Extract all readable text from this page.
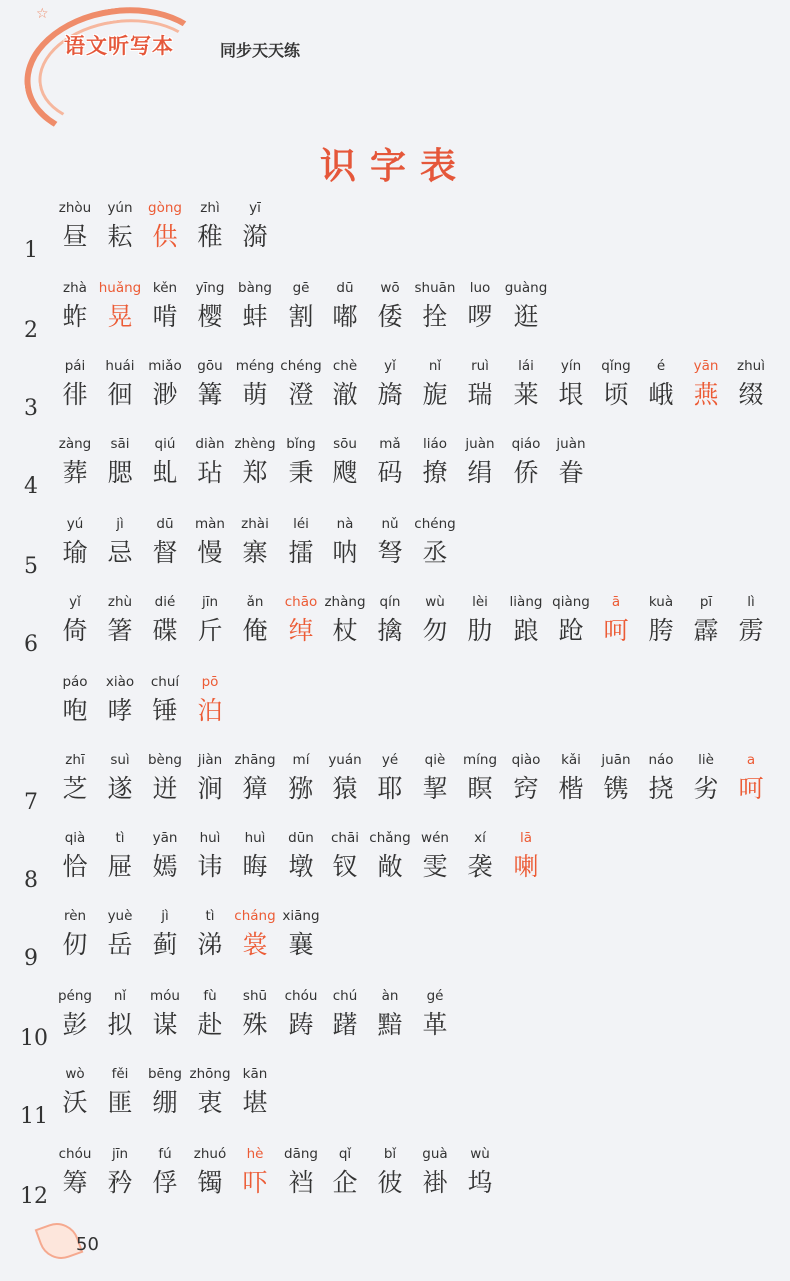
☆
语文听写本	同步天天练
识字表
1
zhòu
昼
yún
耘
gòng
供
zhì
稚
yī
漪
2
zhà
蚱
huǎng
晃
kěn
啃
yīng
樱
bàng
蚌
gē
割
dū
嘟
wō
倭
shuān
拴
luo
啰
guàng
逛
3
pái
徘
huái
徊
miǎo
渺
gōu
篝
méng
萌
chéng
澄
chè
澈
yǐ
旖
nǐ
旎
ruì
瑞
lái
莱
yín
垠
qǐng
顷
é
峨
yān
燕
zhuì
缀
4
zàng
葬
sāi
腮
qiú
虬
diàn
玷
zhèng
郑
bǐng
秉
sōu
飕
mǎ
码
liáo
撩
juàn
绢
qiáo
侨
juàn
眷
5
yú
瑜
jì
忌
dū
督
màn
慢
zhài
寨
léi
擂
nà
呐
nǔ
弩
chéng
丞
6
yǐ
倚
zhù
箸
dié
碟
jīn
斤
ǎn
俺
chāo
绰
zhàng
杖
qín
擒
wù
勿
lèi
肋
liàng
踉
qiàng
跄
ā
呵
kuà
胯
pī
霹
lì
雳
páo
咆
xiào
哮
chuí
锤
pō
泊
7
zhī
芝
suì
遂
bèng
迸
jiàn
涧
zhāng
獐
mí
猕
yuán
猿
yé
耶
qiè
挈
míng
瞑
qiào
窍
kǎi
楷
juān
镌
náo
挠
liè
劣
a
呵
8
qià
恰
tì
屉
yān
嫣
huì
讳
huì
晦
dūn
墩
chāi
钗
chǎng
敞
wén
雯
xí
袭
lā
喇
9
rèn
仞
yuè
岳
jì
蓟
tì
涕
cháng
裳
xiāng
襄
10
péng
彭
nǐ
拟
móu
谋
fù
赴
shū
殊
chóu
踌
chú
躇
àn
黯
gé
革
11
wò
沃
fěi
匪
bēng
绷
zhōng
衷
kān
堪
12
chóu
筹
jīn
矜
fú
俘
zhuó
镯
hè
吓
dāng
裆
qǐ
企
bǐ
彼
guà
褂
wù
坞
50
